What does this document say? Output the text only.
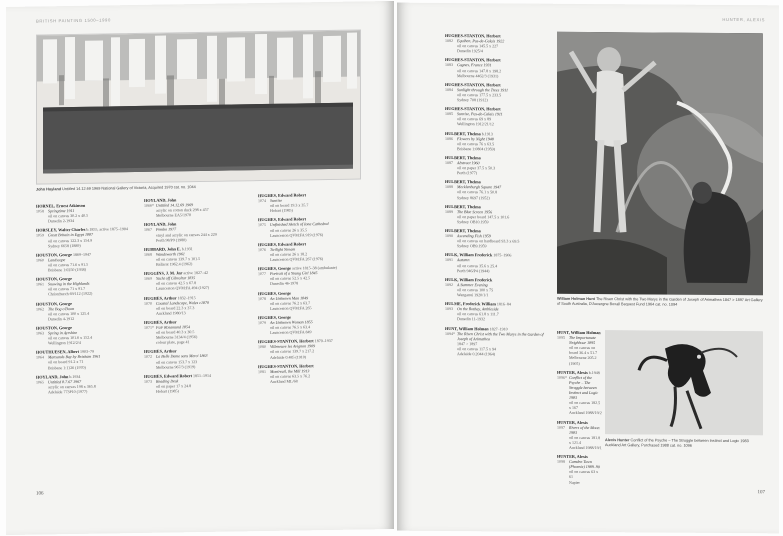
BRITISH PAINTING 1500–1990
John Hoyland Untitled 14.12.69 1969 National Gallery of Victoria, Acquired 1970 cat. no. 1044
HORNEL, Ernest Atkinson
1058	Springtime 1911
oil on canvas 30.2 x 40.5
Dunedin 2-1934
HORSLEY, Walter Charles b.1855, active 1875–1904
1059	Great Britain in Egypt 1887
oil on canvas 122.3 x 154.9
Sydney 6658 (1889)
HOUSTON, George 1869–1947
1060	Landscape
oil on canvas 71.6 x 91.5
Brisbane 1:0250 (1938)
HOUSTON, George
1061	Snowing in the Highlands
oil on canvas 71 x 91.7
Christchurch 69/112 (1922)
HOUSTON, George
1062	The Bog o'Doon
oil on canvas 100 x 125.4
Dunedin 4-1912
HOUSTON, George
1063	Spring in Ayrshire
oil on canvas 101.6 x 152.4
Wellington 1912/2/4
HOUTHUESEN, Albert 1903–79
1064	Mansands Bay by Brixham 1961
oil on board 91.2 x 71
Brisbane 1:1126 (1970)
HOYLAND, John b.1934
1065	Untitled 8.7.67 1967
acrylic on canvas 198 x 365.8
Adelaide 773P10 (1977)
HOYLAND, John
1066* Untitled 14.12.69 1969
acrylic on cotton duck 298 x 457
Melbourne EA5/1970
HOYLAND, John
1067	Pembo 1977
vinyl and acrylic on canvas 244 x 229
Perth 98/P9 (1980)
HUBBARD, John E. b.1931
1068	Wandsworth 1961
oil on canvas 139.7 x 101.5
Ballarat 1962.4 (1962)
HUGGINS, J. M. Jnr active 1827–42
1069	Yacht off Gibraltar 1835
oil on canvas 42.5 x 67.8
Launceston QVM:FA 494 (1927)
HUGHES, Arthur 1832–1915
1070	Coastal Landscape, Wales c1870
oil on board 22.3 x 37.3
Auckland 1980/13
HUGHES, Arthur
1071* Fair Rosamund 1854
oil on board 40.3 x 30.5
Melbourne 3134/4 (1956)
colour plate, page 41
HUGHES, Arthur
1072	La Belle Dame sans Merci 1863
oil on canvas 153.7 x 123
Melbourne 967/3 (1919)
HUGHES, Edward Robert 1851–1914
1073	Reading Desk
oil on paper 17 x 24.8
Hobart (1985)
HUGHES, Edward Robert
1074	Sunrise
oil on board 19.3 x 35.7
Hobart (1985)
HUGHES, Edward Robert
1075	Unfinished Sketch of Iona Cathedral
oil on canvas 26 x 35.5
Launceston QVM:FA 919 (1976)
HUGHES, Edward Robert
1076	Twilight Stream
oil on canvas 26 x 18.2
Launceston QVM:FA 267 (1976)
HUGHES, George active 1815–38 (ambulante)
1077	Portrait of a Young Girl 1845
oil on canvas 52.5 x 42.5
Dunedin 46-1978
HUGHES, George
1078	An Unknown Man 1849
oil on canvas 76.2 x 63.7
Launceston QVM:FA 265
HUGHES, George
1079	An Unknown Woman 1855
oil on canvas 76.5 x 63.4
Launceston QVM:FA 849
HUGHES-STANTON, Herbert 1870–1937
1080	Villeneuve les Avignon 1909
oil on canvas 139.7 x 217.2
Adelaide 0.485 (1910)
HUGHES-STANTON, Herbert
1081	Montreuil, the Mill 1913
oil on canvas 63.5 x 76.2
Auckland ML/68
106
HUNTER, ALEXIS
HUGHES-STANTON, Herbert
1082	Equihen, Pas-de-Calais 1922
oil on canvas 145.5 x 227
Dunedin 1925/4
HUGHES-STANTON, Herbert
1083	Cagnes, France 1931
oil on canvas 147.8 x 198.2
Melbourne 4462/3 (1931)
HUGHES-STANTON, Herbert
1084	Sunlight through the Trees 1911
oil on canvas 177.5 x 233.5
Sydney 708 (1912)
HUGHES-STANTON, Herbert
1085	Sunrise, Pas-de-Calais 1911
oil on canvas 69 x 89
Wellington 1912/21/12
HULBERT, Thelma b.1913
1086	Flowers by Night 1948
oil on canvas 76 x 63.5
Brisbane 1:0804 (1959)
HULBERT, Thelma
1087	Abstract 1960
oil on paper 37.5 x 50.3
Perth (1977)
HULBERT, Thelma
1088	Mecklenburgh Square 1947
oil on canvas 76.1 x 50.8
Sydney 8697 (1952)
HULBERT, Thelma
1089	The Blue Screen 1956
oil on paper board 147.5 x 101.6
Sydney OB10.1959
HULBERT, Thelma
1090	Ascending Fish 1959
oil on canvas on hardboard 93.3 x 69.5
Sydney OB9.1959
HULK, William Frederick 1875–1906
1091	Autumn
oil on canvas 35.6 x 25.4
Perth 946/P4 (1944)
HULK, William Frederick
1092	A Summer Evening
oil on canvas 100 x 75
Wanganui 1920/1/1
HULME, Frederick William 1816–84
1093	On the Rothay, Ambleside
oil on canvas 61.8 x 111.7
Dunedin 11-1932
HUNT, William Holman 1827–1910
1094* The Risen Christ with the Two Marys in the Garden of Joseph of Arimathea
1847 > 1897
oil on canvas 117.5 x 94
Adelaide 0.2044 (1964)
William Holman Hunt The Risen Christ with the Two Marys in the Garden of Joseph of Arimathea 1847 > 1897 Art Gallery of South Australia, D'Auvergne Boxall Bequest Fund 1964 cat. no. 1094
HUNT, William Holman
1095	The Importunate Neighbour 1895
oil on canvas on board 36.4 x 51.7
Melbourne 205.2 (1905)
HUNTER, Alexis b.1948
1096* Conflict of the Psyche – The Struggle between Instinct and Logic 1983
oil on canvas 182.5 x 167
Auckland 1988/19/2
HUNTER, Alexis
1097	Rivers of the Moon 1983
oil on canvas 181.8 x 121.4
Auckland 1988/19/1
HUNTER, Alexis
1098	Camden Town (Phoenix) 1989–90
oil on canvas 63 x 61
Napier
Alexis Hunter Conflict of the Psyche – The Struggle between Instinct and Logic 1983 Auckland Art Gallery, Purchased 1988 cat. no. 1096
107
